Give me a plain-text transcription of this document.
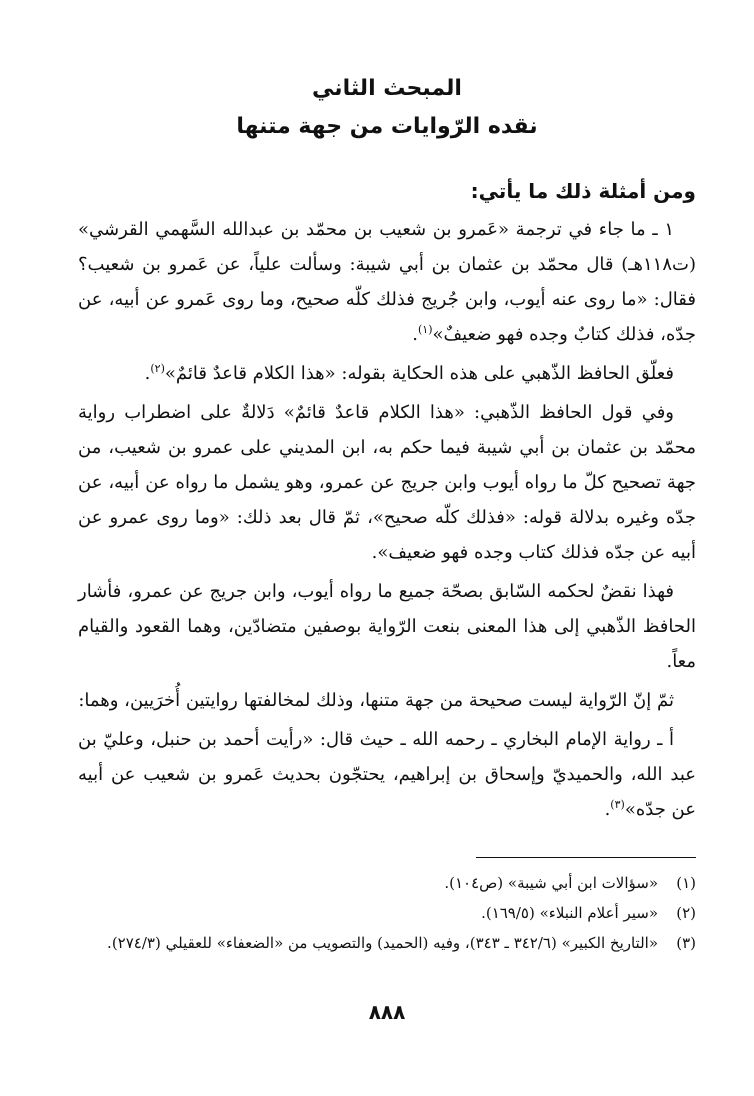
المبحث الثاني
نقده الرّوايات من جهة متنها
ومن أمثلة ذلك ما يأتي:

١ ـ ما جاء في ترجمة «عَمرو بن شعيب بن محمّد بن عبدالله السَّهمي القرشي» (ت١١٨هـ) قال محمّد بن عثمان بن أبي شيبة: وسألت علياً، عن عَمرو بن شعيب؟ فقال: «ما روى عنه أيوب، وابن جُريج فذلك كلّه صحيح، وما روى عَمرو عن أبيه، عن جدّه، فذلك كتابٌ وجده فهو ضعيفٌ»$^{(١)}$.

فعلّق الحافظ الذّهبي على هذه الحكاية بقوله: «هذا الكلام قاعدٌ قائمٌ»$^{(٢)}$.

وفي قول الحافظ الذّهبي: «هذا الكلام قاعدٌ قائمٌ» دَلالةٌ على اضطراب رواية محمّد بن عثمان بن أبي شيبة فيما حكم به، ابن المديني على عمرو بن شعيب، من جهة تصحيح كلّ ما رواه أيوب وابن جريج عن عمرو، وهو يشمل ما رواه عن أبيه، عن جدّه وغيره بدلالة قوله: «فذلك كلّه صحيح»، ثمّ قال بعد ذلك: «وما روى عمرو عن أبيه عن جدّه فذلك كتاب وجده فهو ضعيف».

فهذا نقضٌ لحكمه السّابق بصحّة جميع ما رواه أيوب، وابن جريج عن عمرو، فأشار الحافظ الذّهبي إلى هذا المعنى بنعت الرّواية بوصفين متضادّين، وهما القعود والقيام معاً.

ثمّ إنّ الرّواية ليست صحيحة من جهة متنها، وذلك لمخالفتها روايتين أُخرَيين، وهما:

أ ـ رواية الإمام البخاري ـ رحمه الله ـ حيث قال: «رأيت أحمد بن حنبل، وعليّ بن عبد الله، والحميديّ وإسحاق بن إبراهيم، يحتجّون بحديث عَمرو بن شعيب عن أبيه عن جدّه»$^{(٣)}$.

(١)
«سؤالات ابن أبي شيبة» (ص١٠٤).
(٢)
«سير أعلام النبلاء» (١٦٩/٥).
(٣)
«التاريخ الكبير» (٣٤٢/٦ ـ ٣٤٣)، وفيه (الحميد) والتصويب من «الضعفاء» للعقيلي (٢٧٤/٣).
٨٨٨
